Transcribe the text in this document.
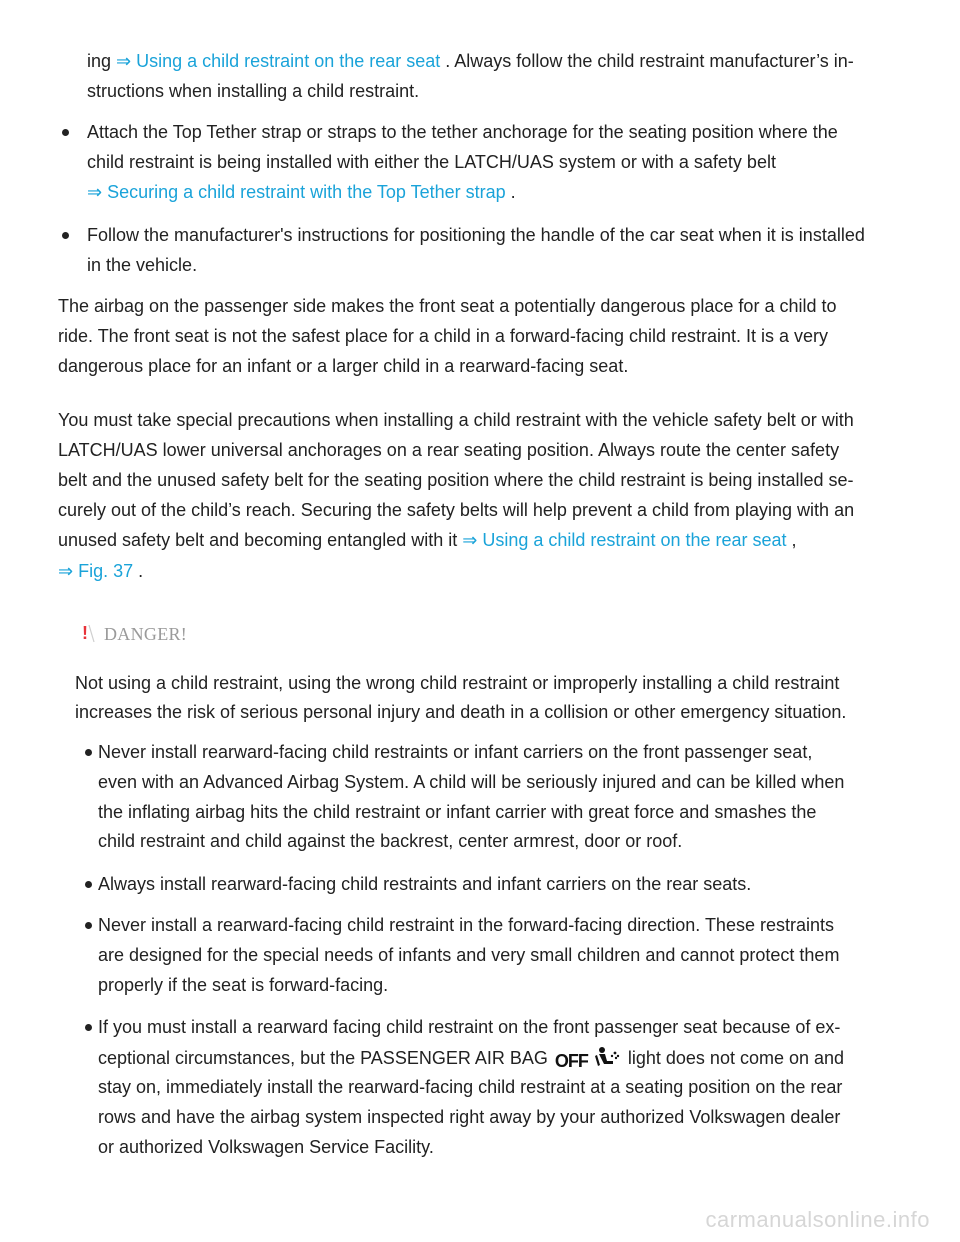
ing ⇒ Using a child restraint on the rear seat . Always follow the child restraint manufacturer’s in-
structions when installing a child restraint.
Attach the Top Tether strap or straps to the tether anchorage for the seating position where the
child restraint is being installed with either the LATCH/UAS system or with a safety belt
⇒ Securing a child restraint with the Top Tether strap .
Follow the manufacturer's instructions for positioning the handle of the car seat when it is installed
in the vehicle.
The airbag on the passenger side makes the front seat a potentially dangerous place for a child to
ride. The front seat is not the safest place for a child in a forward-facing child restraint. It is a very
dangerous place for an infant or a larger child in a rearward-facing seat.
You must take special precautions when installing a child restraint with the vehicle safety belt or with
LATCH/UAS lower universal anchorages on a rear seating position. Always route the center safety
belt and the unused safety belt for the seating position where the child restraint is being installed se-
curely out of the child’s reach. Securing the safety belts will help prevent a child from playing with an
unused safety belt and becoming entangled with it ⇒ Using a child restraint on the rear seat ,
⇒ Fig. 37 .
! DANGER!
Not using a child restraint, using the wrong child restraint or improperly installing a child restraint
increases the risk of serious personal injury and death in a collision or other emergency situation.
Never install rearward-facing child restraints or infant carriers on the front passenger seat,
even with an Advanced Airbag System. A child will be seriously injured and can be killed when
the inflating airbag hits the child restraint or infant carrier with great force and smashes the
child restraint and child against the backrest, center armrest, door or roof.
Always install rearward-facing child restraints and infant carriers on the rear seats.
Never install a rearward-facing child restraint in the forward-facing direction. These restraints
are designed for the special needs of infants and very small children and cannot protect them
properly if the seat is forward-facing.
If you must install a rearward facing child restraint on the front passenger seat because of ex-
ceptional circumstances, but the PASSENGER AIR BAG OFF light does not come on and
stay on, immediately install the rearward-facing child restraint at a seating position on the rear
rows and have the airbag system inspected right away by your authorized Volkswagen dealer
or authorized Volkswagen Service Facility.
carmanualsonline.info
